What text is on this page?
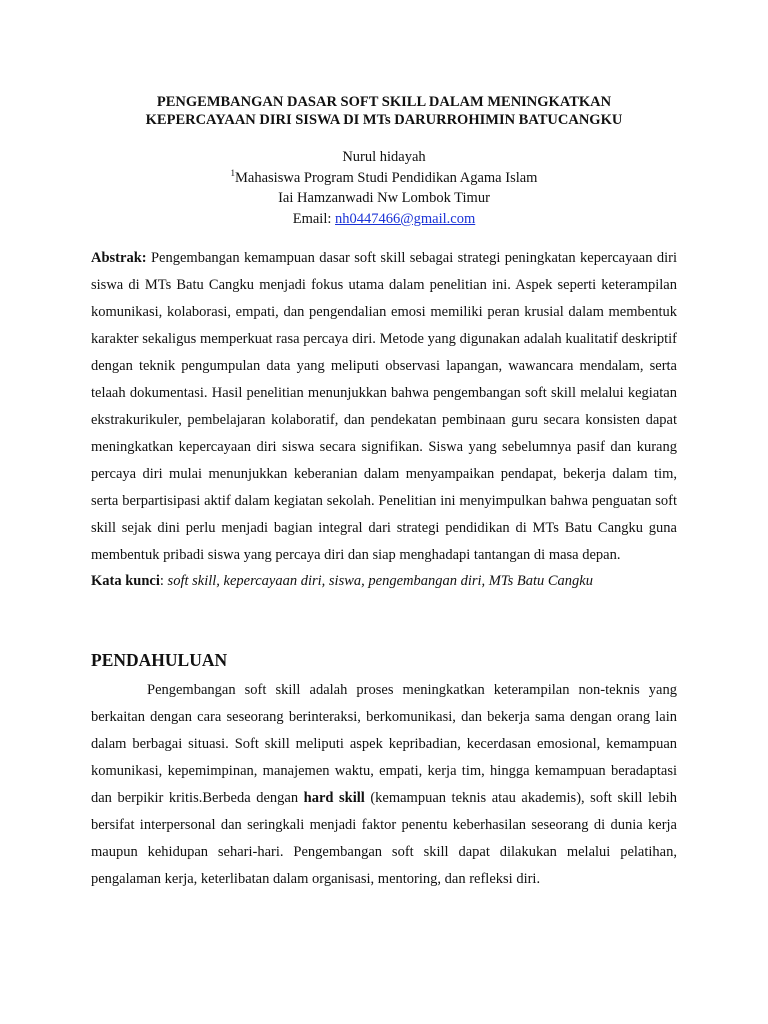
PENGEMBANGAN DASAR SOFT SKILL DALAM MENINGKATKAN
KEPERCAYAAN DIRI SISWA DI MTs DARURROHIMIN BATUCANGKU
Nurul hidayah
$^1$Mahasiswa Program Studi Pendidikan Agama Islam
Iai Hamzanwadi Nw Lombok Timur
Email: nh0447466@gmail.com
Abstrak: Pengembangan kemampuan dasar soft skill sebagai strategi peningkatan kepercayaan diri siswa di MTs Batu Cangku menjadi fokus utama dalam penelitian ini. Aspek seperti keterampilan komunikasi, kolaborasi, empati, dan pengendalian emosi memiliki peran krusial dalam membentuk karakter sekaligus memperkuat rasa percaya diri. Metode yang digunakan adalah kualitatif deskriptif dengan teknik pengumpulan data yang meliputi observasi lapangan, wawancara mendalam, serta telaah dokumentasi. Hasil penelitian menunjukkan bahwa pengembangan soft skill melalui kegiatan ekstrakurikuler, pembelajaran kolaboratif, dan pendekatan pembinaan guru secara konsisten dapat meningkatkan kepercayaan diri siswa secara signifikan. Siswa yang sebelumnya pasif dan kurang percaya diri mulai menunjukkan keberanian dalam menyampaikan pendapat, bekerja dalam tim, serta berpartisipasi aktif dalam kegiatan sekolah. Penelitian ini menyimpulkan bahwa penguatan soft skill sejak dini perlu menjadi bagian integral dari strategi pendidikan di MTs Batu Cangku guna membentuk pribadi siswa yang percaya diri dan siap menghadapi tantangan di masa depan.
Kata kunci: soft skill, kepercayaan diri, siswa, pengembangan diri, MTs Batu Cangku
PENDAHULUAN
Pengembangan soft skill adalah proses meningkatkan keterampilan non-teknis yang berkaitan dengan cara seseorang berinteraksi, berkomunikasi, dan bekerja sama dengan orang lain dalam berbagai situasi. Soft skill meliputi aspek kepribadian, kecerdasan emosional, kemampuan komunikasi, kepemimpinan, manajemen waktu, empati, kerja tim, hingga kemampuan beradaptasi dan berpikir kritis.Berbeda dengan hard skill (kemampuan teknis atau akademis), soft skill lebih bersifat interpersonal dan seringkali menjadi faktor penentu keberhasilan seseorang di dunia kerja maupun kehidupan sehari-hari. Pengembangan soft skill dapat dilakukan melalui pelatihan, pengalaman kerja, keterlibatan dalam organisasi, mentoring, dan refleksi diri.
